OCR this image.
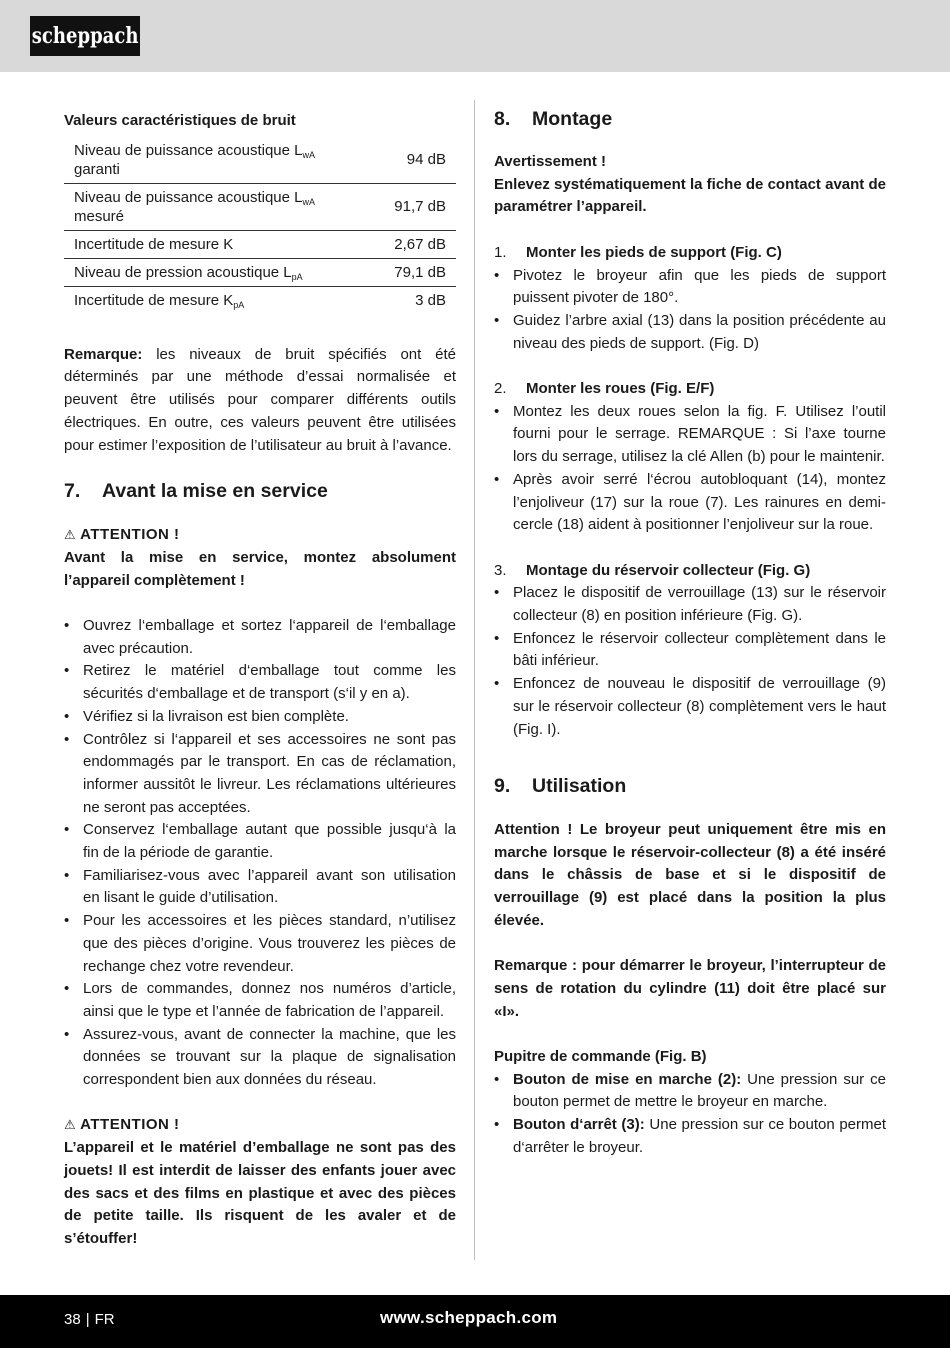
scheppach
Valeurs caractéristiques de bruit
Niveau de puissance acoustique $L_{wA}$
garanti	94 dB
Niveau de puissance acoustique $L_{wA}$
mesuré	91,7 dB
Incertitude de mesure K	2,67 dB
Niveau de pression acoustique $L_{pA}$	79,1 dB
Incertitude de mesure $K_{pA}$	3 dB

Remarque: les niveaux de bruit spécifiés ont été déterminés par une méthode d’essai normalisée et peuvent être utilisés pour comparer différents outils électriques. En outre, ces valeurs peuvent être utilisées pour estimer l’exposition de l’utilisateur au bruit à l’avance.

7. Avant la mise en service
⚠ ATTENTION !

Avant la mise en service, montez absolument l’appareil complètement !

• Ouvrez l‘emballage et sortez l‘appareil de l‘emballage avec précaution.
• Retirez le matériel d‘emballage tout comme les sécurités d‘emballage et de transport (s‘il y en a).
• Vérifiez si la livraison est bien complète.
• Contrôlez si l‘appareil et ses accessoires ne sont pas endommagés par le transport. En cas de réclamation, informer aussitôt le livreur. Les réclamations ultérieures ne seront pas acceptées.
• Conservez l‘emballage autant que possible jusqu‘à la fin de la période de garantie.
• Familiarisez-vous avec l’appareil avant son utilisation en lisant le guide d’utilisation.
• Pour les accessoires et les pièces standard, n’utilisez que des pièces d’origine. Vous trouverez les pièces de rechange chez votre revendeur.
• Lors de commandes, donnez nos numéros d’article, ainsi que le type et l’année de fabrication de l’appareil.
• Assurez-vous, avant de connecter la machine, que les données se trouvant sur la plaque de signalisation correspondent bien aux données du réseau.
⚠ ATTENTION !

L’appareil et le matériel d’emballage ne sont pas des jouets! Il est interdit de laisser des enfants jouer avec des sacs et des films en plastique et avec des pièces de petite taille. Ils risquent de les avaler et de s’étouffer!

8. Montage

Avertissement !

Enlevez systématiquement la fiche de contact avant de paramétrer l’appareil.

1. Monter les pieds de support (Fig. C)
• Pivotez le broyeur afin que les pieds de support puissent pivoter de 180°.
• Guidez l’arbre axial (13) dans la position précédente au niveau des pieds de support. (Fig. D)
2. Monter les roues (Fig. E/F)
• Montez les deux roues selon la fig. F. Utilisez l’outil fourni pour le serrage. REMARQUE : Si l’axe tourne lors du serrage, utilisez la clé Allen (b) pour le maintenir.
• Après avoir serré l‘écrou autobloquant (14), montez l’enjoliveur (17) sur la roue (7). Les rainures en demi-cercle (18) aident à positionner l’enjoliveur sur la roue.
3. Montage du réservoir collecteur (Fig. G)
• Placez le dispositif de verrouillage (13) sur le réservoir collecteur (8) en position inférieure (Fig. G).
• Enfoncez le réservoir collecteur complètement dans le bâti inférieur.
• Enfoncez de nouveau le dispositif de verrouillage (9) sur le réservoir collecteur (8) complètement vers le haut (Fig. I).
9. Utilisation

Attention ! Le broyeur peut uniquement être mis en marche lorsque le réservoir-collecteur (8) a été inséré dans le châssis de base et si le dispositif de verrouillage (9) est placé dans la position la plus élevée.

Remarque : pour démarrer le broyeur, l’interrupteur de sens de rotation du cylindre (11) doit être placé sur «I».

Pupitre de commande (Fig. B)

• Bouton de mise en marche (2): Une pression sur ce bouton permet de mettre le broyeur en marche.
• Bouton d‘arrêt (3): Une pression sur ce bouton permet d‘arrêter le broyeur.
38 | FR	www.scheppach.com
